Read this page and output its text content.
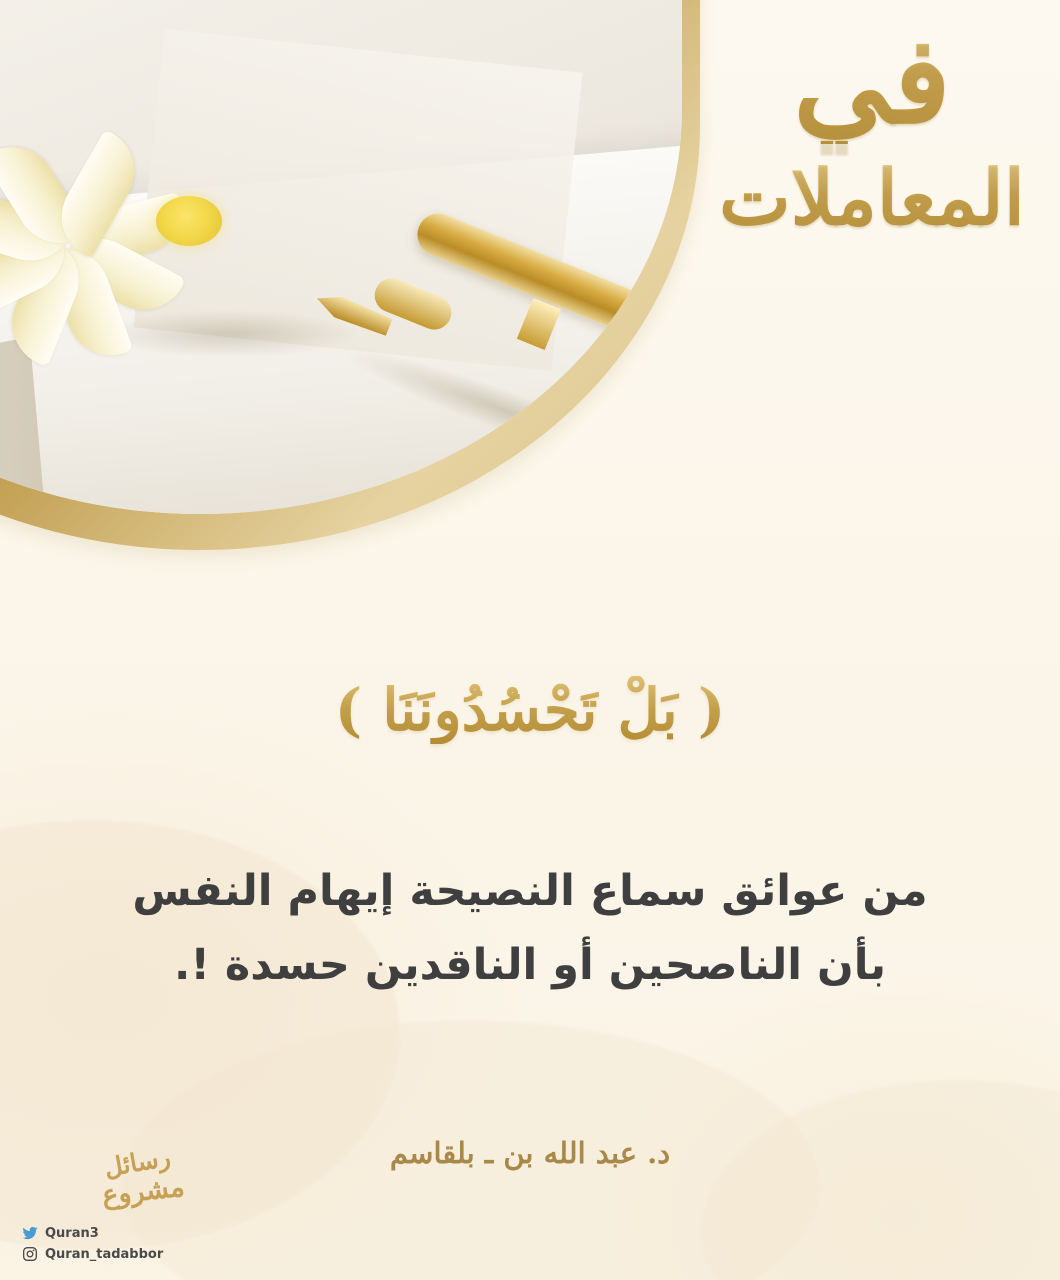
في
المعاملات
( بَلْ تَحْسُدُونَنَا )
من عوائق سماع النصيحة إيهام النفس
بأن الناصحين أو الناقدين حسدة !.
د. عبد الله بن ـ بلقاسم
رسائل
مشروع
Quran3
Quran_tadabbor
